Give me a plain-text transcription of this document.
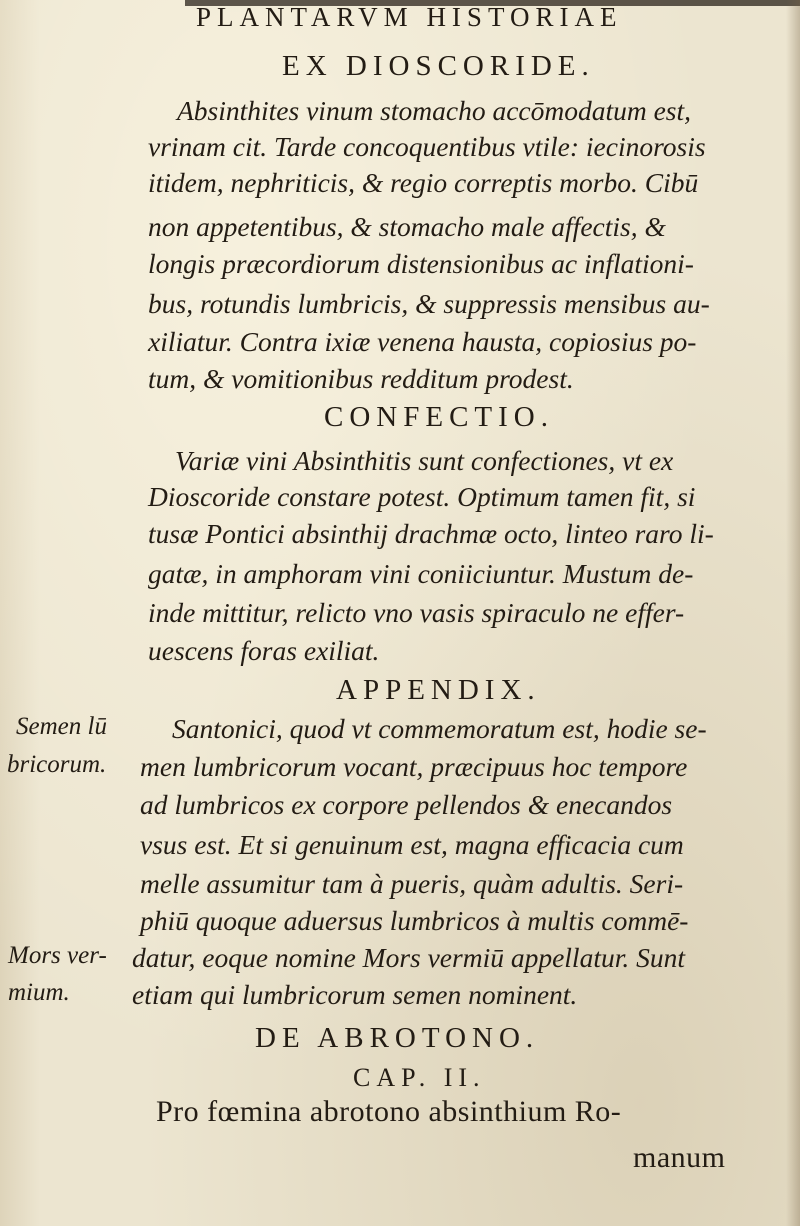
PLANTARVM HISTORIAE
EX DIOSCORIDE.
Absinthites vinum stomacho accōmodatum est,
vrinam cit. Tarde concoquentibus vtile: iecinorosis
itidem, nephriticis, & regio correptis morbo. Cibū
non appetentibus, & stomacho male affectis, &
longis præcordiorum distensionibus ac inflationi-
bus, rotundis lumbricis, & suppressis mensibus au-
xiliatur. Contra ixiæ venena hausta, copiosius po-
tum, & vomitionibus redditum prodest.
CONFECTIO.
Variæ vini Absinthitis sunt confectiones, vt ex
Dioscoride constare potest. Optimum tamen fit, si
tusæ Pontici absinthij drachmæ octo, linteo raro li-
gatæ, in amphoram vini coniiciuntur. Mustum de-
inde mittitur, relicto vno vasis spiraculo ne effer-
uescens foras exiliat.
APPENDIX.
Semen lū
bricorum.
Mors ver-
mium.
Santonici, quod vt commemoratum est, hodie se-
men lumbricorum vocant, præcipuus hoc tempore
ad lumbricos ex corpore pellendos & enecandos
vsus est. Et si genuinum est, magna efficacia cum
melle assumitur tam à pueris, quàm adultis. Seri-
phiū quoque aduersus lumbricos à multis commē-
datur, eoque nomine Mors vermiū appellatur. Sunt
etiam qui lumbricorum semen nominent.
DE ABROTONO.
CAP. II.
Pro fœmina abrotono absinthium Ro-
manum
